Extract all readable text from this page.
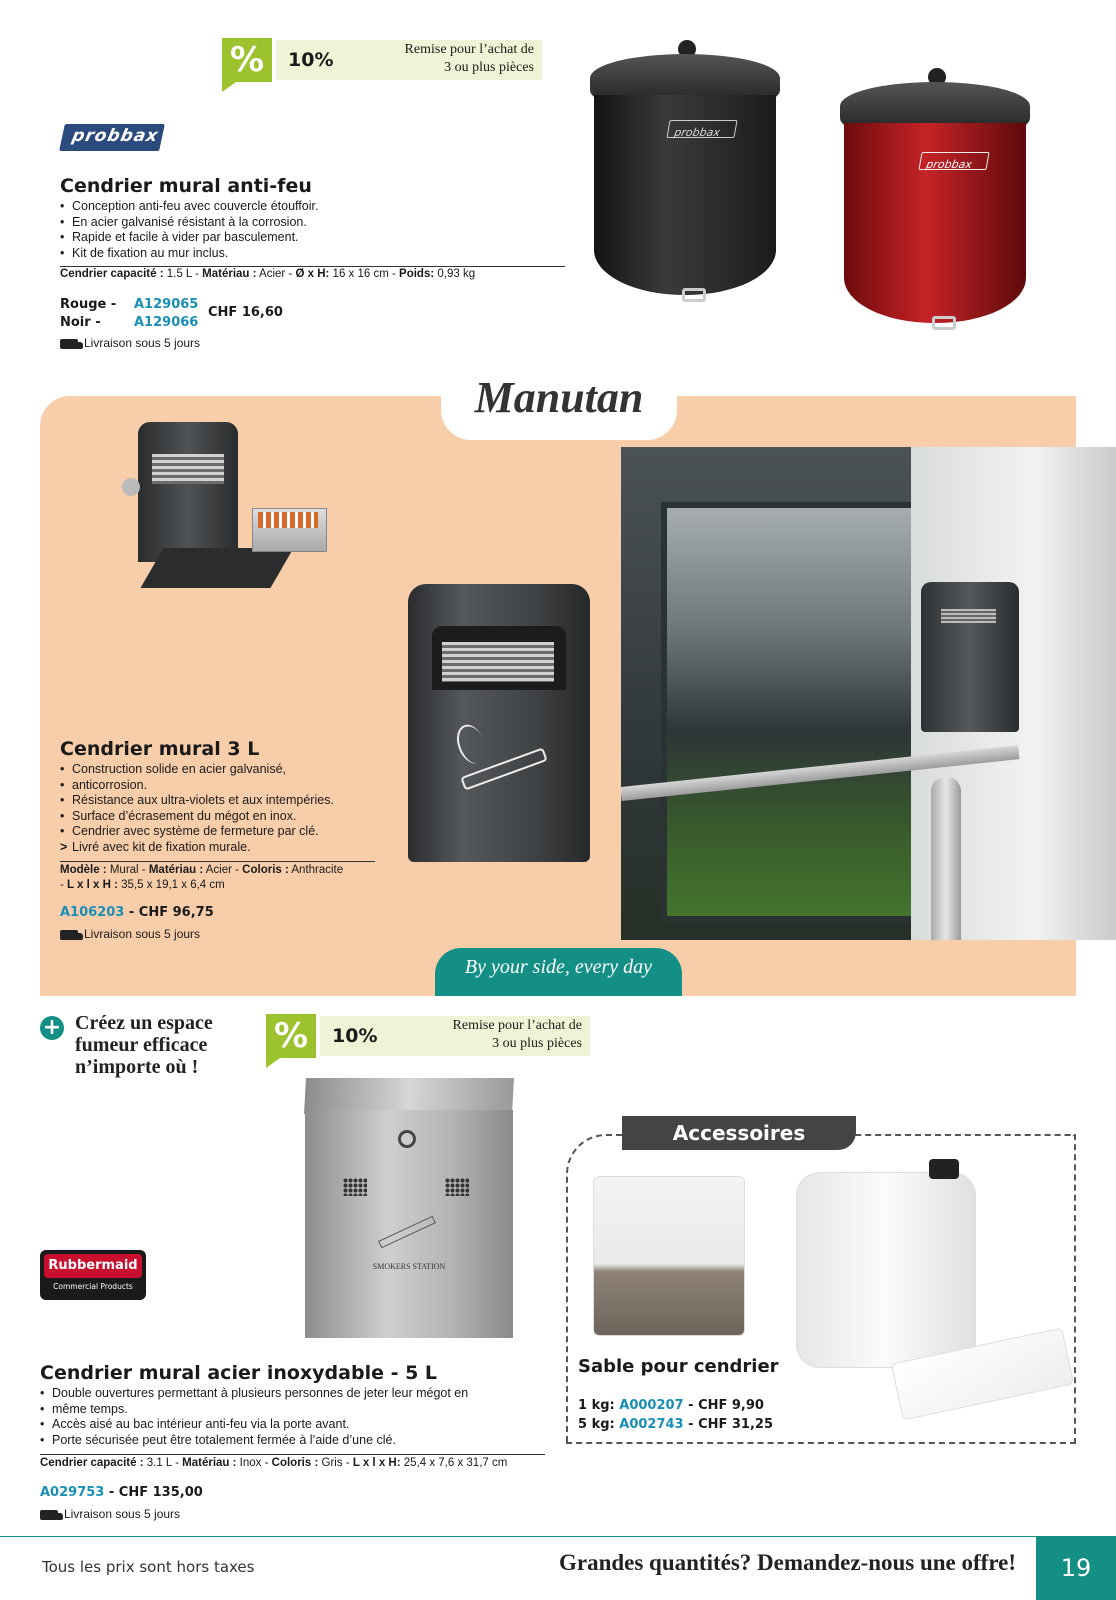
% 10%	Remise pour l’achat de
3 ou plus pièces
probbax
Cendrier mural anti-feu
• Conception anti-feu avec couvercle étouffoir.
• En acier galvanisé résistant à la corrosion.
• Rapide et facile à vider par basculement.
• Kit de fixation au mur inclus.
Cendrier capacité : 1.5 L - Matériau : Acier - Ø x H: 16 x 16 cm - Poids: 0,93 kg
Rouge - A129065
Noir -	A129066
CHF 16,60
Livraison sous 5 jours
probbax
probbax
Manutan
Cendrier mural 3 L
• Construction solide en acier galvanisé,
• anticorrosion.
• Résistance aux ultra-violets et aux intempéries.
• Surface d’écrasement du mégot en inox.
• Cendrier avec système de fermeture par clé.
> Livré avec kit de fixation murale.
Modèle : Mural - Matériau : Acier - Coloris : Anthracite
- L x l x H : 35,5 x 19,1 x 6,4 cm
A106203 - CHF 96,75
Livraison sous 5 jours
By your side, every day
+ Créez un espace
fumeur efficace
n’importe où !
% 10%	Remise pour l’achat de
3 ou plus pièces
Rubbermaid
Commercial Products
SMOKERS STATION
Cendrier mural acier inoxydable - 5 L
• Double ouvertures permettant à plusieurs personnes de jeter leur mégot en
• même temps.
• Accès aisé au bac intérieur anti-feu via la porte avant.
• Porte sécurisée peut être totalement fermée à l’aide d’une clé.
Cendrier capacité : 3.1 L - Matériau : Inox - Coloris : Gris - L x l x H: 25,4 x 7,6 x 31,7 cm
A029753 - CHF 135,00
Livraison sous 5 jours
Accessoires
Sable pour cendrier
1 kg: A000207 - CHF 9,90
5 kg: A002743 - CHF 31,25
Tous les prix sont hors taxes	Grandes quantités? Demandez-nous une offre!	19
